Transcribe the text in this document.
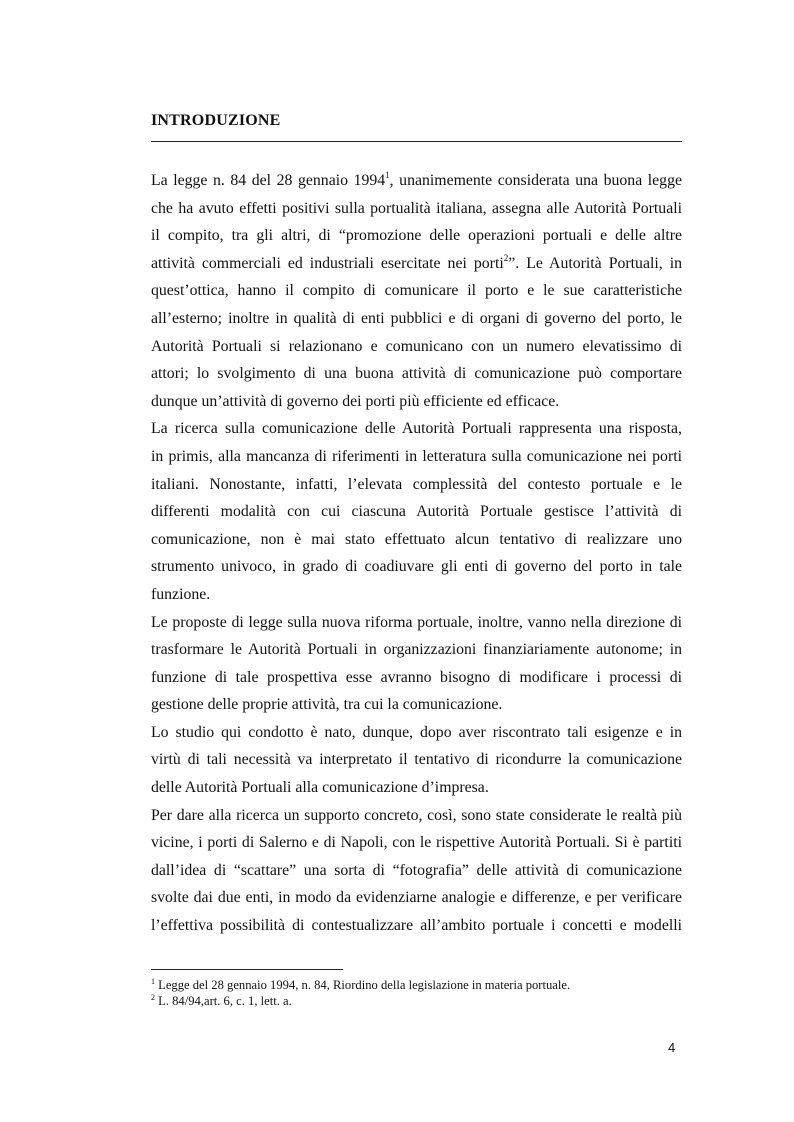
INTRODUZIONE
La legge n. 84 del 28 gennaio 1994$^1$, unanimemente considerata una buona legge
che ha avuto effetti positivi sulla portualità italiana, assegna alle Autorità Portuali
il compito, tra gli altri, di “promozione delle operazioni portuali e delle altre
attività commerciali ed industriali esercitate nei porti$^2$”. Le Autorità Portuali, in
quest’ottica, hanno il compito di comunicare il porto e le sue caratteristiche
all’esterno; inoltre in qualità di enti pubblici e di organi di governo del porto, le
Autorità Portuali si relazionano e comunicano con un numero elevatissimo di
attori; lo svolgimento di una buona attività di comunicazione può comportare
dunque un’attività di governo dei porti più efficiente ed efficace.
La ricerca sulla comunicazione delle Autorità Portuali rappresenta una risposta,
in primis, alla mancanza di riferimenti in letteratura sulla comunicazione nei porti
italiani. Nonostante, infatti, l’elevata complessità del contesto portuale e le
differenti modalità con cui ciascuna Autorità Portuale gestisce l’attività di
comunicazione, non è mai stato effettuato alcun tentativo di realizzare uno
strumento univoco, in grado di coadiuvare gli enti di governo del porto in tale
funzione.
Le proposte di legge sulla nuova riforma portuale, inoltre, vanno nella direzione di
trasformare le Autorità Portuali in organizzazioni finanziariamente autonome; in
funzione di tale prospettiva esse avranno bisogno di modificare i processi di
gestione delle proprie attività, tra cui la comunicazione.
Lo studio qui condotto è nato, dunque, dopo aver riscontrato tali esigenze e in
virtù di tali necessità va interpretato il tentativo di ricondurre la comunicazione
delle Autorità Portuali alla comunicazione d’impresa.
Per dare alla ricerca un supporto concreto, così, sono state considerate le realtà più
vicine, i porti di Salerno e di Napoli, con le rispettive Autorità Portuali. Si è partiti
dall’idea di “scattare” una sorta di “fotografia” delle attività di comunicazione
svolte dai due enti, in modo da evidenziarne analogie e differenze, e per verificare
l’effettiva possibilità di contestualizzare all’ambito portuale i concetti e modelli
$^1$ Legge del 28 gennaio 1994, n. 84, Riordino della legislazione in materia portuale.
$^2$ L. 84/94,art. 6, c. 1, lett. a.
4
